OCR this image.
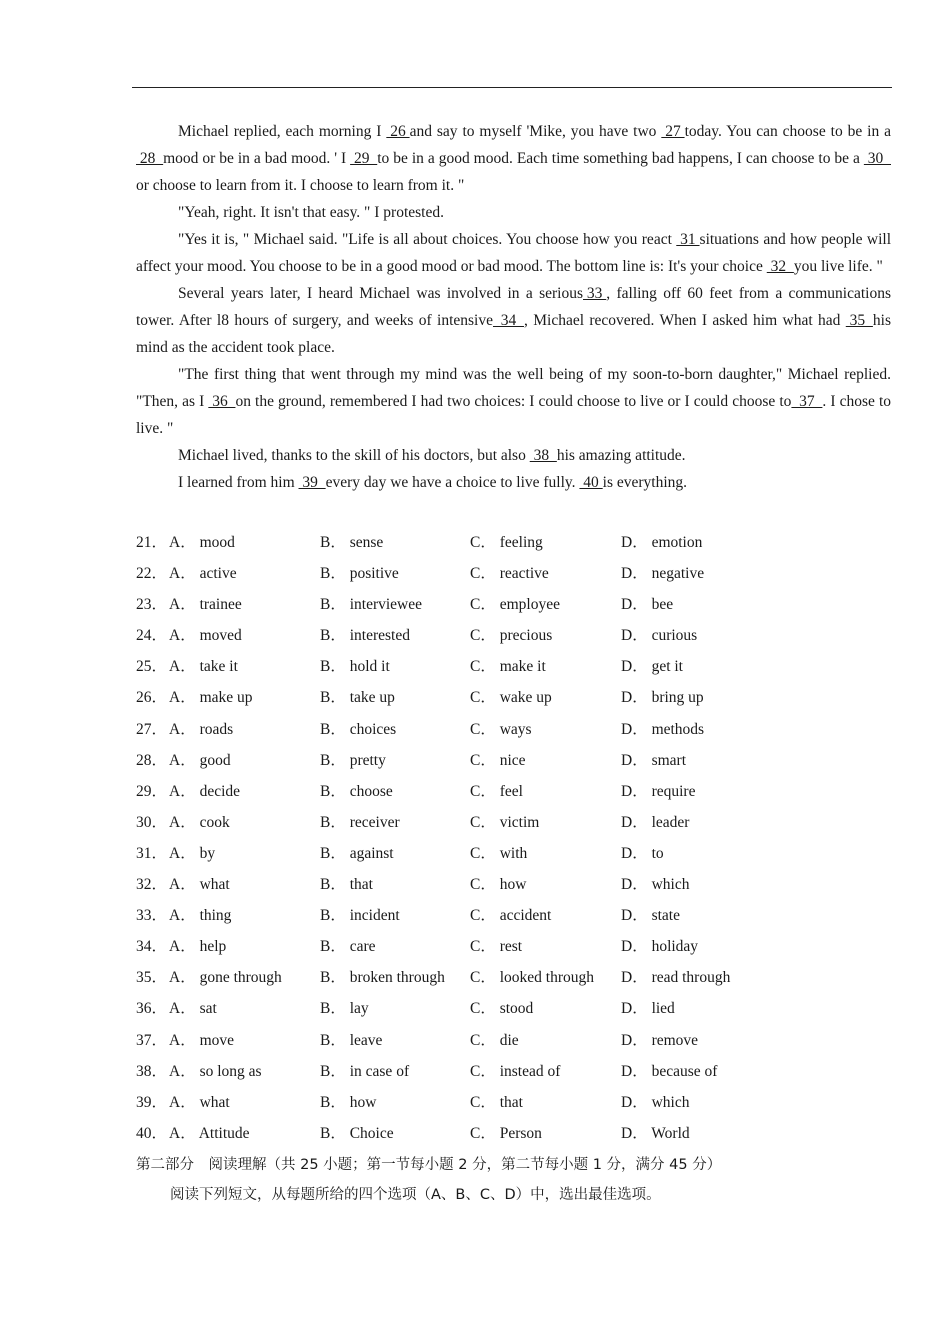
Michael replied, each morning I  26 and say to myself 'Mike, you have two  27 today. You can choose to be in a  28  mood or be in a bad mood. ' I  29  to be in a good mood. Each time something bad happens, I can choose to be a  30  or choose to learn from it. I choose to learn from it. "

"Yeah, right. It isn't that easy. " I protested.

"Yes it is, " Michael said. "Life is all about choices. You choose how you react  31 situations and how people will affect your mood. You choose to be in a good mood or bad mood. The bottom line is: It's your choice  32  you live life. "

Several years later, I heard Michael was involved in a serious 33 , falling off 60 feet from a communications tower. After l8 hours of surgery, and weeks of intensive  34  , Michael recovered. When I asked him what had  35  his mind as the accident took place.

"The first thing that went through my mind was the well being of my soon-to-born daughter," Michael replied. "Then, as I  36  on the ground, remembered I had two choices: I could choose to live or I could choose to  37  . I chose to live. "

Michael lived, thanks to the skill of his doctors, but also  38  his amazing attitude.

I learned from him  39  every day we have a choice to live fully.  40 is everything.

21． A． mood	B． sense	C． feeling	D． emotion
22． A． active	B． positive	C． reactive	D． negative
23． A． trainee	B． interviewee	C． employee	D． bee
24． A． moved	B． interested	C． precious	D． curious
25． A． take it	B． hold it	C． make it	D． get it
26． A． make up	B． take up	C． wake up	D． bring up
27． A． roads	B． choices	C． ways	D． methods
28． A． good	B． pretty	C． nice	D． smart
29． A． decide	B． choose	C． feel	D． require
30． A． cook	B． receiver	C． victim	D． leader
31． A． by	B． against	C． with	D． to
32． A． what	B． that	C． how	D． which
33． A． thing	B． incident	C． accident	D． state
34． A． help	B． care	C． rest	D． holiday
35． A． gone through B． broken through C． looked through D． read through
36． A． sat	B． lay	C． stood	D． lied
37． A． move	B． leave	C． die	D． remove
38． A． so long as	B． in case of	C． instead of	D． because of
39． A． what	B． how	C． that	D． which
40． A． Attitude	B． Choice	C． Person	D． World
第二部分　阅读理解（共 25 小题；第一节每小题 2 分，第二节每小题 1 分，满分 45 分）
阅读下列短文，从每题所给的四个选项（A、B、C、D）中，选出最佳选项。
